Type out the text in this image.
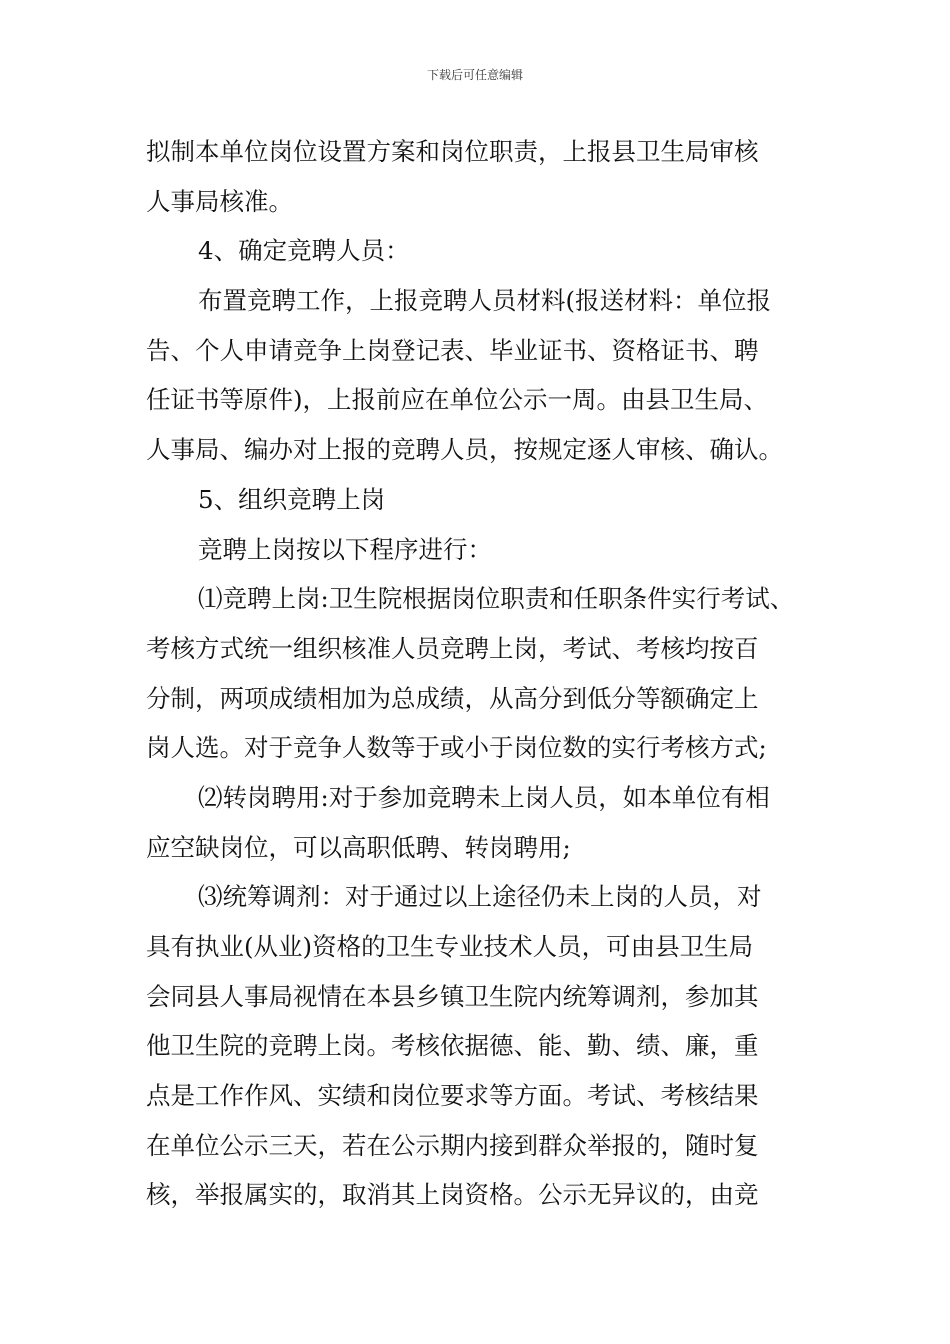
下载后可任意编辑
拟制本单位岗位设置方案和岗位职责，上报县卫生局审核
人事局核准。
4、确定竞聘人员：
布置竞聘工作，上报竞聘人员材料(报送材料：单位报
告、个人申请竞争上岗登记表、毕业证书、资格证书、聘
任证书等原件)，上报前应在单位公示一周。由县卫生局、
人事局、编办对上报的竞聘人员，按规定逐人审核、确认。
5、组织竞聘上岗
竞聘上岗按以下程序进行：
⑴竞聘上岗:卫生院根据岗位职责和任职条件实行考试、
考核方式统一组织核准人员竞聘上岗，考试、考核均按百
分制，两项成绩相加为总成绩，从高分到低分等额确定上
岗人选。对于竞争人数等于或小于岗位数的实行考核方式;
⑵转岗聘用:对于参加竞聘未上岗人员，如本单位有相
应空缺岗位，可以高职低聘、转岗聘用;
⑶统筹调剂：对于通过以上途径仍未上岗的人员，对
具有执业(从业)资格的卫生专业技术人员，可由县卫生局
会同县人事局视情在本县乡镇卫生院内统筹调剂，参加其
他卫生院的竞聘上岗。考核依据德、能、勤、绩、廉，重
点是工作作风、实绩和岗位要求等方面。考试、考核结果
在单位公示三天，若在公示期内接到群众举报的，随时复
核，举报属实的，取消其上岗资格。公示无异议的，由竞
